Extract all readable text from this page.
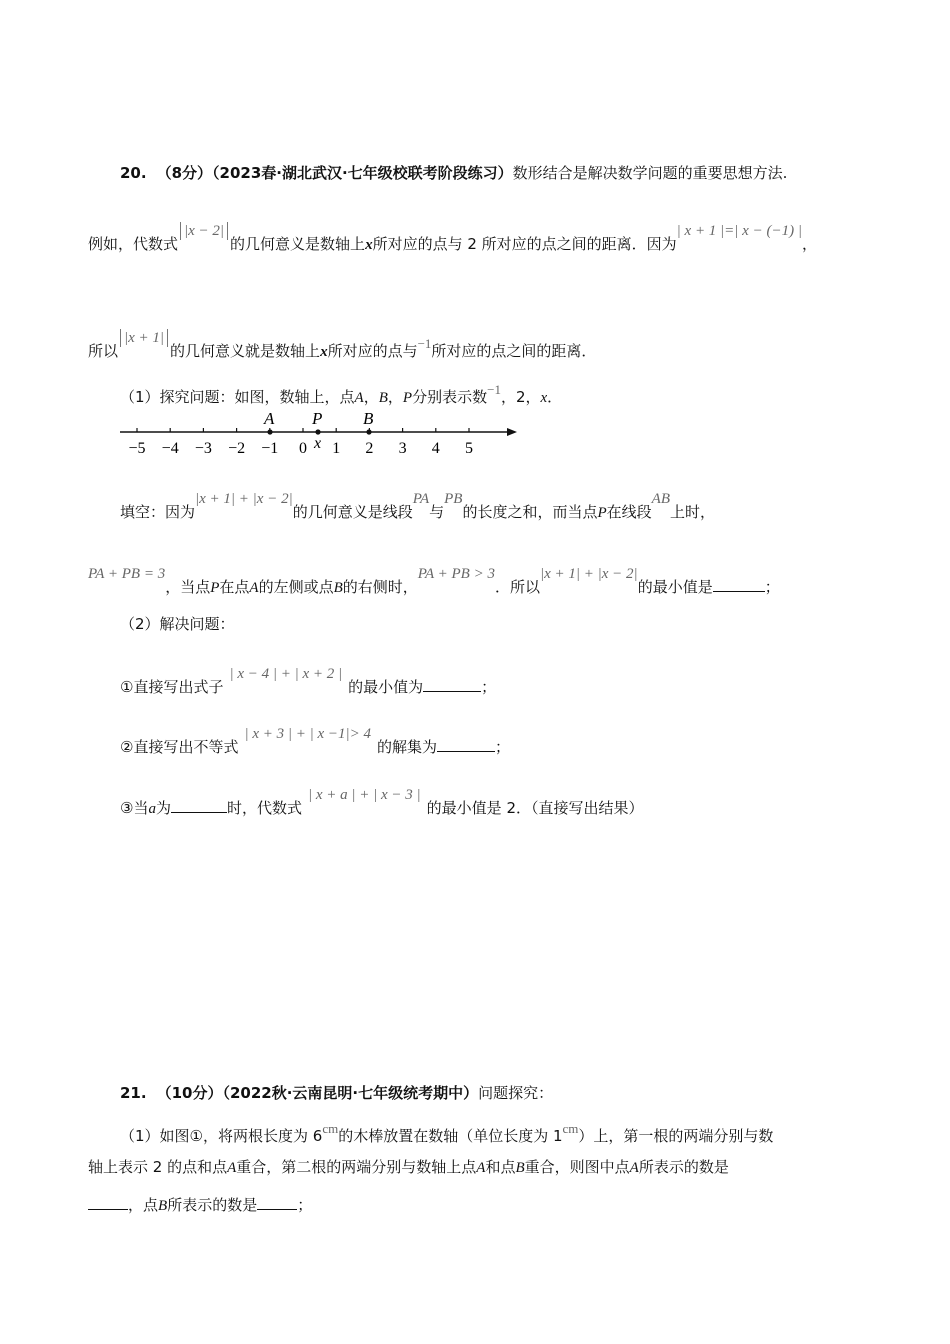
20. （8分）（2023春·湖北武汉·七年级校联考阶段练习）数形结合是解决数学问题的重要思想方法.
例如，代数式|x − 2|的几何意义是数轴上x所对应的点与 2 所对应的点之间的距离．因为| x + 1 |=| x − (−1) |，
所以|x + 1|的几何意义就是数轴上x所对应的点与−1所对应的点之间的距离．
（1）探究问题：如图，数轴上，点A，B，P分别表示数−1，2，x．
−5 −4 −3 −2 −1 0 1 2 3 4 5
A P B
x
填空：因为|x + 1| + |x − 2|的几何意义是线段PA与PB的长度之和，而当点P在线段AB上时，
PA + PB = 3，当点P在点A的左侧或点B的右侧时，PA + PB > 3．所以|x + 1| + |x − 2|的最小值是	；
（2）解决问题：
①直接写出式子| x − 4 | + | x + 2 |的最小值为	；
②直接写出不等式| x + 3 | + | x −1|> 4的解集为	；
③当a为	时，代数式| x + a | + | x − 3 |的最小值是 2．（直接写出结果）
21. （10分）（2022秋·云南昆明·七年级统考期中）问题探究：
（1）如图①，将两根长度为 6cm的木棒放置在数轴（单位长度为 1cm）上，第一根的两端分别与数
轴上表示 2 的点和点A重合，第二根的两端分别与数轴上点A和点B重合，则图中点A所表示的数是
，点B所表示的数是	；
